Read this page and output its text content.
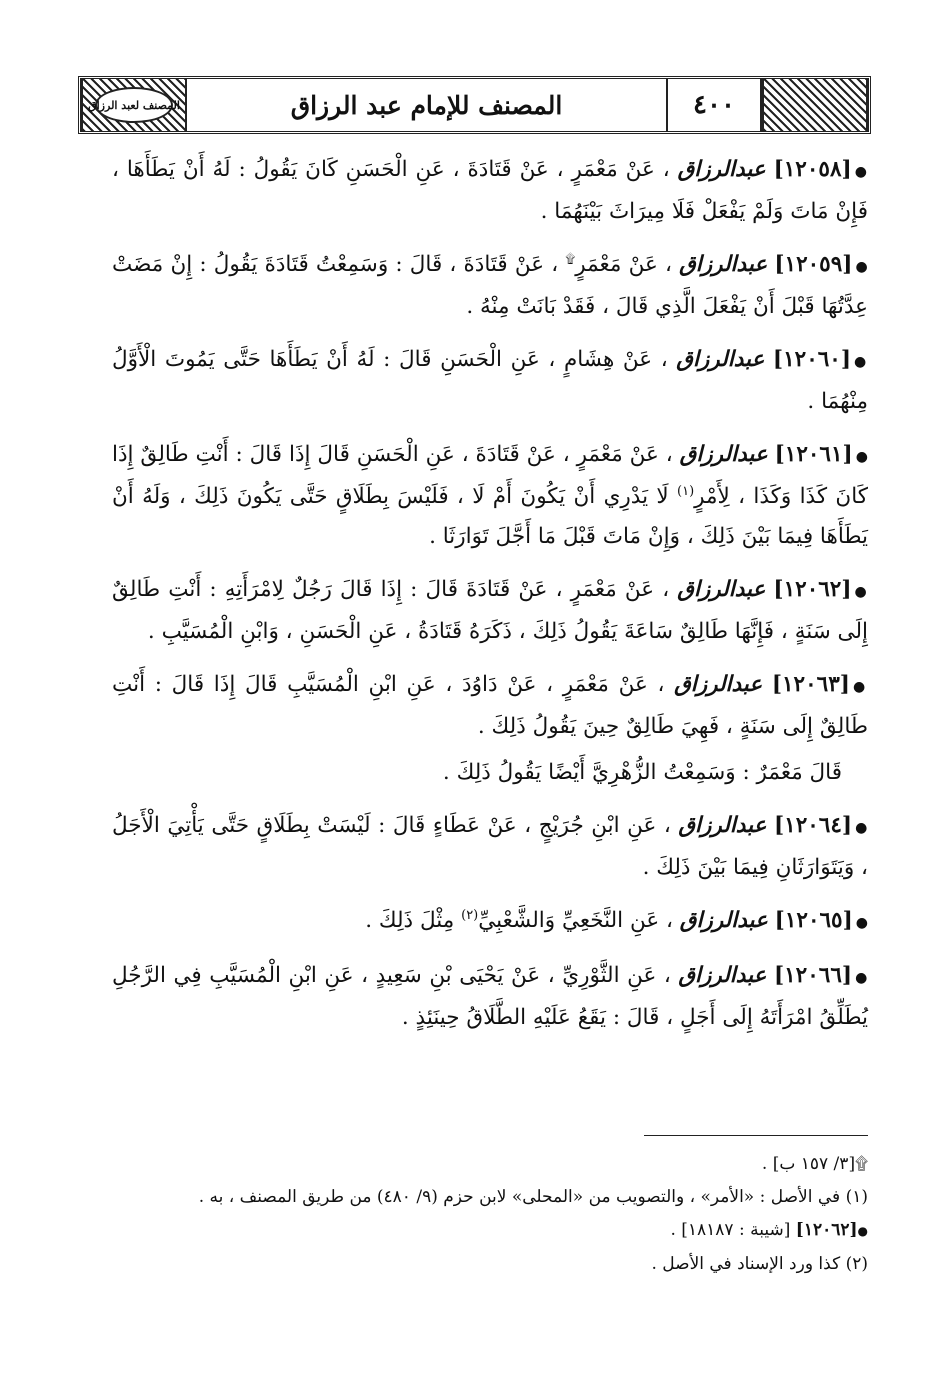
المصنف لعبد الرزاق	المصنف للإمام عبد الرزاق	٤٠٠

●[١٢٠٥٨] عبدالرزاق ، عَنْ مَعْمَرٍ ، عَنْ قَتَادَةَ ، عَنِ الْحَسَنِ كَانَ يَقُولُ : لَهُ أَنْ يَطَأَهَا ، فَإِنْ مَاتَ وَلَمْ يَفْعَلْ فَلَا مِيرَاثَ بَيْنَهُمَا .

●[١٢٠٥٩] عبدالرزاق ، عَنْ مَعْمَرٍ۩ ، عَنْ قَتَادَةَ ، قَالَ : وَسَمِعْتُ قَتَادَةَ يَقُولُ : إِنْ مَضَتْ عِدَّتُهَا قَبْلَ أَنْ يَفْعَلَ الَّذِي قَالَ ، فَقَدْ بَانَتْ مِنْهُ .

●[١٢٠٦٠] عبدالرزاق ، عَنْ هِشَامٍ ، عَنِ الْحَسَنِ قَالَ : لَهُ أَنْ يَطَأَهَا حَتَّى يَمُوتَ الْأَوَّلُ مِنْهُمَا .

●[١٢٠٦١] عبدالرزاق ، عَنْ مَعْمَرٍ ، عَنْ قَتَادَةَ ، عَنِ الْحَسَنِ قَالَ إِذَا قَالَ : أَنْتِ طَالِقٌ إِذَا كَانَ كَذَا وَكَذَا ، لِأَمْرٍ$^{(١)}$ لَا يَدْرِي أَنْ يَكُونَ أَمْ لَا ، فَلَيْسَ بِطَلَاقٍ حَتَّى يَكُونَ ذَلِكَ ، وَلَهُ أَنْ يَطَأَهَا فِيمَا بَيْنَ ذَلِكَ ، وَإِنْ مَاتَ قَبْلَ مَا أَجَّلَ تَوَارَثَا .

●[١٢٠٦٢] عبدالرزاق ، عَنْ مَعْمَرٍ ، عَنْ قَتَادَةَ قَالَ : إِذَا قَالَ رَجُلٌ لِامْرَأَتِهِ : أَنْتِ طَالِقٌ إِلَى سَنَةٍ ، فَإِنَّهَا طَالِقٌ سَاعَةَ يَقُولُ ذَلِكَ ، ذَكَرَهُ قَتَادَةُ ، عَنِ الْحَسَنِ ، وَابْنِ الْمُسَيَّبِ .

●[١٢٠٦٣] عبدالرزاق ، عَنْ مَعْمَرٍ ، عَنْ دَاوُدَ ، عَنِ ابْنِ الْمُسَيَّبِ قَالَ إِذَا قَالَ : أَنْتِ طَالِقٌ إِلَى سَنَةٍ ، فَهِيَ طَالِقٌ حِينَ يَقُولُ ذَلِكَ .

قَالَ مَعْمَرٌ : وَسَمِعْتُ الزُّهْرِيَّ أَيْضًا يَقُولُ ذَلِكَ .

●[١٢٠٦٤] عبدالرزاق ، عَنِ ابْنِ جُرَيْجٍ ، عَنْ عَطَاءٍ قَالَ : لَيْسَتْ بِطَلَاقٍ حَتَّى يَأْتِيَ الْأَجَلُ ، وَيَتَوَارَثَانِ فِيمَا بَيْنَ ذَلِكَ .

●[١٢٠٦٥] عبدالرزاق ، عَنِ النَّخَعِيِّ وَالشَّعْبِيِّ$^{(٢)}$ مِثْلَ ذَلِكَ .

●[١٢٠٦٦] عبدالرزاق ، عَنِ الثَّوْرِيِّ ، عَنْ يَحْيَى بْنِ سَعِيدٍ ، عَنِ ابْنِ الْمُسَيَّبِ فِي الرَّجُلِ يُطَلِّقُ امْرَأَتَهُ إِلَى أَجَلٍ ، قَالَ : يَقَعُ عَلَيْهِ الطَّلَاقُ حِينَئِذٍ .

۩[٣/ ١٥٧ ب] .

(١) في الأصل : «الأمر» ، والتصويب من «المحلى» لابن حزم (٩/ ٤٨٠) من طريق المصنف ، به .

●[١٢٠٦٢] [شيبة : ١٨١٨٧] .

(٢) كذا ورد الإسناد في الأصل .
